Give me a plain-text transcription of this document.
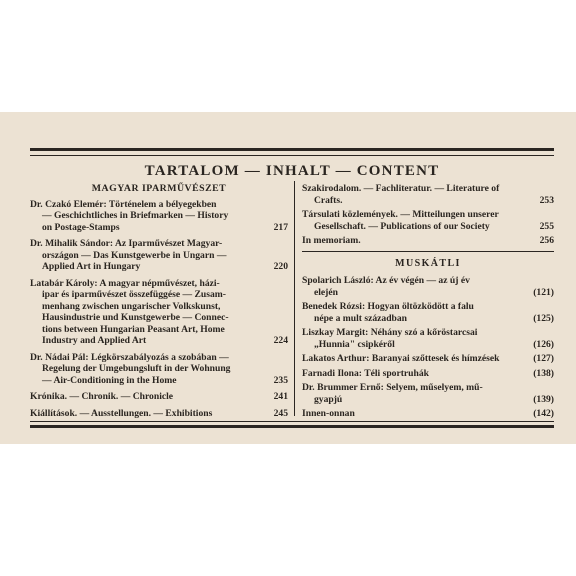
TARTALOM — INHALT — CONTENT
MAGYAR IPARMŰVÉSZET
Dr. Czakó Elemér: Történelem a bélyegekben
— Geschichtliches in Briefmarken — History
on Postage-Stamps	217
Dr. Mihalik Sándor: Az Iparművészet Magyar-
országon — Das Kunstgewerbe in Ungarn —
Applied Art in Hungary	220
Latabár Károly: A magyar népművészet, házi-
ipar és iparművészet összefüggése — Zusam-
menhang zwischen ungarischer Volkskunst,
Hausindustrie und Kunstgewerbe — Connec-
tions between Hungarian Peasant Art, Home
Industry and Applied Art	224
Dr. Nádai Pál: Légkörszabályozás a szobában —
Regelung der Umgebungsluft in der Wohnung
— Air-Conditioning in the Home	235
Krónika. — Chronik. — Chronicle	241
Kiállítások. — Ausstellungen. — Exhibitions	245
Szakirodalom. — Fachliteratur. — Literature of
Crafts.	253
Társulati közlemények. — Mitteilungen unserer
Gesellschaft. — Publications of our Society	255
In memoriam.	256
MUSKÁTLI
Spolarich László: Az év végén — az új év
elején	(121)
Benedek Rózsi: Hogyan öltözködött a falu
népe a mult században	(125)
Liszkay Margit: Néhány szó a kőröstarcsai
„Hunnia" csipkéről	(126)
Lakatos Arthur: Baranyai szőttesek és hímzések	(127)
Farnadi Ilona: Téli sportruhák	(138)
Dr. Brummer Ernő: Selyem, műselyem, mű-
gyapjú	(139)
Innen-onnan	(142)
